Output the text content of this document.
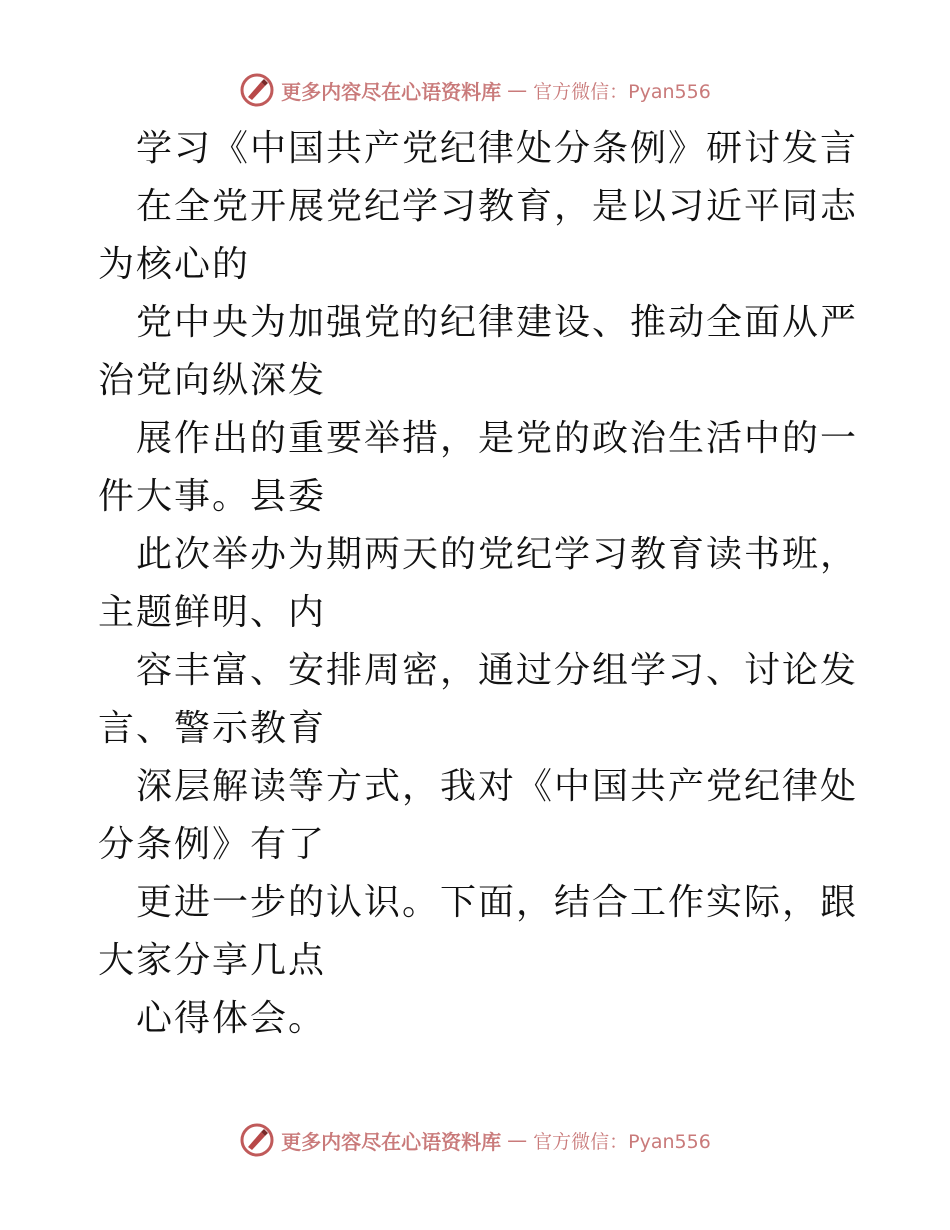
更多内容尽在心语资料库 — 官方微信：Pyan556

学习《中国共产党纪律处分条例》研讨发言

在全党开展党纪学习教育，是以习近平同志为核心的

党中央为加强党的纪律建设、推动全面从严治党向纵深发

展作出的重要举措，是党的政治生活中的一件大事。县委

此次举办为期两天的党纪学习教育读书班，主题鲜明、内

容丰富、安排周密，通过分组学习、讨论发言、警示教育

深层解读等方式，我对《中国共产党纪律处分条例》有了

更进一步的认识。下面，结合工作实际，跟大家分享几点

心得体会。

更多内容尽在心语资料库 — 官方微信：Pyan556
